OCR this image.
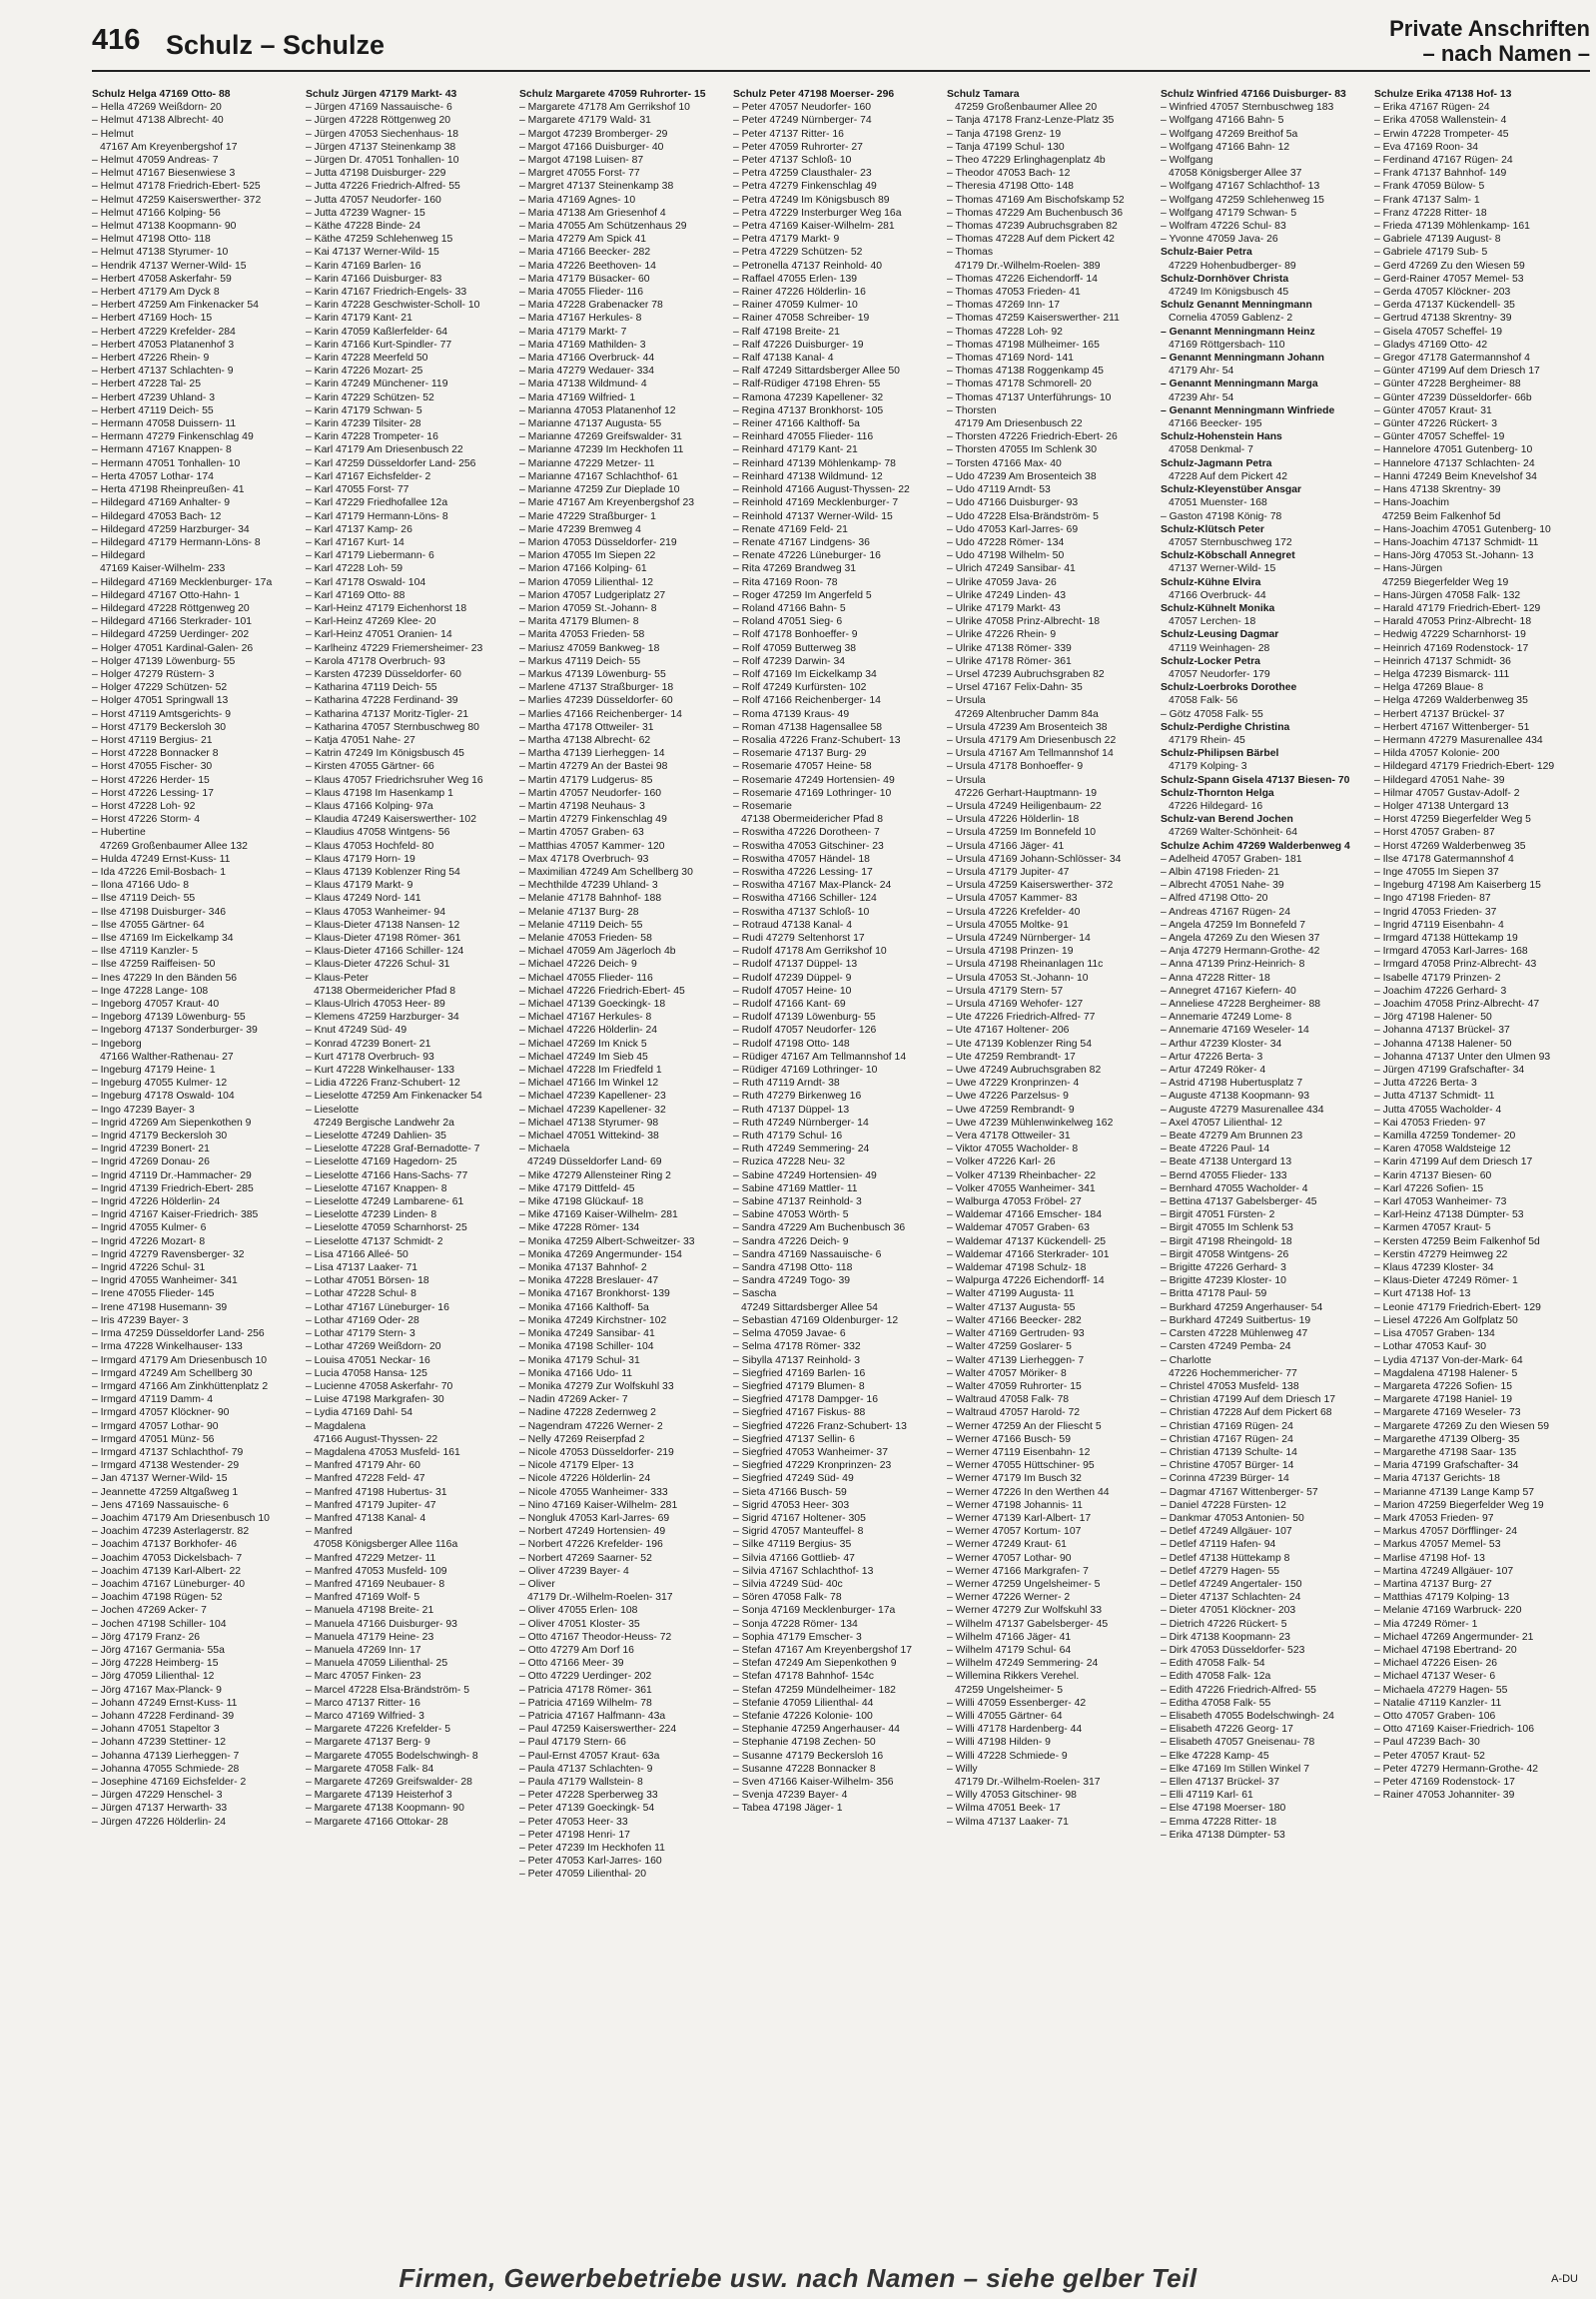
416 Schulz – Schulze
Private Anschriften
– nach Namen –
Schulz Helga 47169 Otto- 88
– Hella 47269 Weißdorn- 20
– Helmut 47138 Albrecht- 40
– Helmut
47167 Am Kreyenbergshof 17
– Helmut 47059 Andreas- 7
– Helmut 47167 Biesenwiese 3
– Helmut 47178 Friedrich-Ebert- 525
– Helmut 47259 Kaiserswerther- 372
– Helmut 47166 Kolping- 56
– Helmut 47138 Koopmann- 90
– Helmut 47198 Otto- 118
– Helmut 47138 Styrumer- 10
– Hendrik 47137 Werner-Wild- 15
– Herbert 47058 Askerfahr- 59
– Herbert 47179 Am Dyck 8
– Herbert 47259 Am Finkenacker 54
– Herbert 47169 Hoch- 15
– Herbert 47229 Krefelder- 284
– Herbert 47053 Platanenhof 3
– Herbert 47226 Rhein- 9
– Herbert 47137 Schlachten- 9
– Herbert 47228 Tal- 25
– Herbert 47239 Uhland- 3
– Herbert 47119 Deich- 55
– Hermann 47058 Duissern- 11
– Hermann 47279 Finkenschlag 49
– Hermann 47167 Knappen- 8
– Hermann 47051 Tonhallen- 10
– Herta 47057 Lothar- 174
– Herta 47198 Rheinpreußen- 41
– Hildegard 47169 Anhalter- 9
– Hildegard 47053 Bach- 12
– Hildegard 47259 Harzburger- 34
– Hildegard 47179 Hermann-Löns- 8
– Hildegard
47169 Kaiser-Wilhelm- 233
– Hildegard 47169 Mecklenburger- 17a
– Hildegard 47167 Otto-Hahn- 1
– Hildegard 47228 Röttgenweg 20
– Hildegard 47166 Sterkrader- 101
– Hildegard 47259 Uerdinger- 202
– Holger 47051 Kardinal-Galen- 26
– Holger 47139 Löwenburg- 55
– Holger 47279 Rüstern- 3
– Holger 47229 Schützen- 52
– Holger 47051 Springwall 13
– Horst 47119 Amtsgerichts- 9
– Horst 47179 Beckersloh 30
– Horst 47119 Bergius- 21
– Horst 47228 Bonnacker 8
– Horst 47055 Fischer- 30
– Horst 47226 Herder- 15
– Horst 47226 Lessing- 17
– Horst 47228 Loh- 92
– Horst 47226 Storm- 4
– Hubertine
47269 Großenbaumer Allee 132
– Hulda 47249 Ernst-Kuss- 11
– Ida 47226 Emil-Bosbach- 1
– Ilona 47166 Udo- 8
– Ilse 47119 Deich- 55
– Ilse 47198 Duisburger- 346
– Ilse 47055 Gärtner- 64
– Ilse 47169 Im Eickelkamp 34
– Ilse 47119 Kanzler- 5
– Ilse 47259 Raiffeisen- 50
– Ines 47229 In den Bänden 56
– Inge 47228 Lange- 108
– Ingeborg 47057 Kraut- 40
– Ingeborg 47139 Löwenburg- 55
– Ingeborg 47137 Sonderburger- 39
– Ingeborg
47166 Walther-Rathenau- 27
– Ingeburg 47179 Heine- 1
– Ingeburg 47055 Kulmer- 12
– Ingeburg 47178 Oswald- 104
– Ingo 47239 Bayer- 3
– Ingrid 47269 Am Siepenkothen 9
– Ingrid 47179 Beckersloh 30
– Ingrid 47239 Bonert- 21
– Ingrid 47269 Donau- 26
– Ingrid 47119 Dr.-Hammacher- 29
– Ingrid 47139 Friedrich-Ebert- 285
– Ingrid 47226 Hölderlin- 24
– Ingrid 47167 Kaiser-Friedrich- 385
– Ingrid 47055 Kulmer- 6
– Ingrid 47226 Mozart- 8
– Ingrid 47279 Ravensberger- 32
– Ingrid 47226 Schul- 31
– Ingrid 47055 Wanheimer- 341
– Irene 47055 Flieder- 145
– Irene 47198 Husemann- 39
– Iris 47239 Bayer- 3
– Irma 47259 Düsseldorfer Land- 256
– Irma 47228 Winkelhauser- 133
– Irmgard 47179 Am Driesenbusch 10
– Irmgard 47249 Am Schellberg 30
– Irmgard 47166 Am Zinkhüttenplatz 2
– Irmgard 47119 Damm- 4
– Irmgard 47057 Klöckner- 90
– Irmgard 47057 Lothar- 90
– Irmgard 47051 Münz- 56
– Irmgard 47137 Schlachthof- 79
– Irmgard 47138 Westender- 29
– Jan 47137 Werner-Wild- 15
– Jeannette 47259 Altgaßweg 1
– Jens 47169 Nassauische- 6
– Joachim 47179 Am Driesenbusch 10
– Joachim 47239 Asterlagerstr. 82
– Joachim 47137 Borkhofer- 46
– Joachim 47053 Dickelsbach- 7
– Joachim 47139 Karl-Albert- 22
– Joachim 47167 Lüneburger- 40
– Joachim 47198 Rügen- 52
– Jochen 47269 Acker- 7
– Jochen 47198 Schiller- 104
– Jörg 47179 Franz- 26
– Jörg 47167 Germania- 55a
– Jörg 47228 Heimberg- 15
– Jörg 47059 Lilienthal- 12
– Jörg 47167 Max-Planck- 9
– Johann 47249 Ernst-Kuss- 11
– Johann 47228 Ferdinand- 39
– Johann 47051 Stapeltor 3
– Johann 47239 Stettiner- 12
– Johanna 47139 Lierheggen- 7
– Johanna 47055 Schmiede- 28
– Josephine 47169 Eichsfelder- 2
– Jürgen 47229 Henschel- 3
– Jürgen 47137 Herwarth- 33
– Jürgen 47226 Hölderlin- 24
Schulz Jürgen 47179 Markt- 43
– Jürgen 47169 Nassauische- 6
– Jürgen 47228 Röttgenweg 20
– Jürgen 47053 Siechenhaus- 18
– Jürgen 47137 Steinenkamp 38
– Jürgen Dr. 47051 Tonhallen- 10
– Jutta 47198 Duisburger- 229
– Jutta 47226 Friedrich-Alfred- 55
– Jutta 47057 Neudorfer- 160
– Jutta 47239 Wagner- 15
– Käthe 47228 Binde- 24
– Käthe 47259 Schlehenweg 15
– Kai 47137 Werner-Wild- 15
– Karin 47169 Barlen- 16
– Karin 47166 Duisburger- 83
– Karin 47167 Friedrich-Engels- 33
– Karin 47228 Geschwister-Scholl- 10
– Karin 47179 Kant- 21
– Karin 47059 Kaßlerfelder- 64
– Karin 47166 Kurt-Spindler- 77
– Karin 47228 Meerfeld 50
– Karin 47226 Mozart- 25
– Karin 47249 Münchener- 119
– Karin 47229 Schützen- 52
– Karin 47179 Schwan- 5
– Karin 47239 Tilsiter- 28
– Karin 47228 Trompeter- 16
– Karl 47179 Am Driesenbusch 22
– Karl 47259 Düsseldorfer Land- 256
– Karl 47167 Eichsfelder- 2
– Karl 47055 Forst- 77
– Karl 47229 Friedhofallee 12a
– Karl 47179 Hermann-Löns- 8
– Karl 47137 Kamp- 26
– Karl 47167 Kurt- 14
– Karl 47179 Liebermann- 6
– Karl 47228 Loh- 59
– Karl 47178 Oswald- 104
– Karl 47169 Otto- 88
– Karl-Heinz 47179 Eichenhorst 18
– Karl-Heinz 47269 Klee- 20
– Karl-Heinz 47051 Oranien- 14
– Karlheinz 47229 Friemersheimer- 23
– Karola 47178 Overbruch- 93
– Karsten 47239 Düsseldorfer- 60
– Katharina 47119 Deich- 55
– Katharina 47228 Ferdinand- 39
– Katharina 47137 Moritz-Tigler- 21
– Katharina 47057 Sternbuschweg 80
– Katja 47051 Nahe- 27
– Katrin 47249 Im Königsbusch 45
– Kirsten 47055 Gärtner- 66
– Klaus 47057 Friedrichsruher Weg 16
– Klaus 47198 Im Hasenkamp 1
– Klaus 47166 Kolping- 97a
– Klaudia 47249 Kaiserswerther- 102
– Klaudius 47058 Wintgens- 56
– Klaus 47053 Hochfeld- 80
– Klaus 47179 Horn- 19
– Klaus 47139 Koblenzer Ring 54
– Klaus 47179 Markt- 9
– Klaus 47249 Nord- 141
– Klaus 47053 Wanheimer- 94
– Klaus-Dieter 47138 Nansen- 12
– Klaus-Dieter 47198 Römer- 361
– Klaus-Dieter 47166 Schiller- 124
– Klaus-Dieter 47226 Schul- 31
– Klaus-Peter
47138 Obermeidericher Pfad 8
– Klaus-Ulrich 47053 Heer- 89
– Klemens 47259 Harzburger- 34
– Knut 47249 Süd- 49
– Konrad 47239 Bonert- 21
– Kurt 47178 Overbruch- 93
– Kurt 47228 Winkelhauser- 133
– Lidia 47226 Franz-Schubert- 12
– Lieselotte 47259 Am Finkenacker 54
– Lieselotte
47249 Bergische Landwehr 2a
– Lieselotte 47249 Dahlien- 35
– Lieselotte 47228 Graf-Bernadotte- 7
– Lieselotte 47169 Hagedorn- 25
– Lieselotte 47166 Hans-Sachs- 77
– Lieselotte 47167 Knappen- 8
– Lieselotte 47249 Lambarene- 61
– Lieselotte 47239 Linden- 8
– Lieselotte 47059 Scharnhorst- 25
– Lieselotte 47137 Schmidt- 2
– Lisa 47166 Alleé- 50
– Lisa 47137 Laaker- 71
– Lothar 47051 Börsen- 18
– Lothar 47228 Schul- 8
– Lothar 47167 Lüneburger- 16
– Lothar 47169 Oder- 28
– Lothar 47179 Stern- 3
– Lothar 47269 Weißdorn- 20
– Louisa 47051 Neckar- 16
– Lucia 47058 Hansa- 125
– Lucienne 47058 Askerfahr- 70
– Luise 47198 Markgrafen- 30
– Lydia 47169 Dahl- 54
– Magdalena
47166 August-Thyssen- 22
– Magdalena 47053 Musfeld- 161
– Manfred 47179 Ahr- 60
– Manfred 47228 Feld- 47
– Manfred 47198 Hubertus- 31
– Manfred 47179 Jupiter- 47
– Manfred 47138 Kanal- 4
– Manfred
47058 Königsberger Allee 116a
– Manfred 47229 Metzer- 11
– Manfred 47053 Musfeld- 109
– Manfred 47169 Neubauer- 8
– Manfred 47169 Wolf- 5
– Manuela 47198 Breite- 21
– Manuela 47166 Duisburger- 93
– Manuela 47179 Heine- 23
– Manuela 47269 Inn- 17
– Manuela 47059 Lilienthal- 25
– Marc 47057 Finken- 23
– Marcel 47228 Elsa-Brändström- 5
– Marco 47137 Ritter- 16
– Marco 47169 Wilfried- 3
– Margarete 47226 Krefelder- 5
– Margarete 47137 Berg- 9
– Margarete 47055 Bodelschwingh- 8
– Margarete 47058 Falk- 84
– Margarete 47269 Greifswalder- 28
– Margarete 47139 Heisterhof 3
– Margarete 47138 Koopmann- 90
– Margarete 47166 Ottokar- 28
Schulz Margarete 47059 Ruhrorter- 15
– Margarete 47178 Am Gerrikshof 10
– Margarete 47179 Wald- 31
– Margot 47239 Bromberger- 29
– Margot 47166 Duisburger- 40
– Margot 47198 Luisen- 87
– Margret 47055 Forst- 77
– Margret 47137 Steinenkamp 38
– Maria 47169 Agnes- 10
– Maria 47138 Am Griesenhof 4
– Maria 47055 Am Schützenhaus 29
– Maria 47279 Am Spick 41
– Maria 47166 Beecker- 282
– Maria 47226 Beethoven- 14
– Maria 47179 Büsacker- 60
– Maria 47055 Flieder- 116
– Maria 47228 Grabenacker 78
– Maria 47167 Herkules- 8
– Maria 47179 Markt- 7
– Maria 47169 Mathilden- 3
– Maria 47166 Overbruck- 44
– Maria 47279 Wedauer- 334
– Maria 47138 Wildmund- 4
– Maria 47169 Wilfried- 1
– Marianna 47053 Platanenhof 12
– Marianne 47137 Augusta- 55
– Marianne 47269 Greifswalder- 31
– Marianne 47239 Im Heckhofen 11
– Marianne 47229 Metzer- 11
– Marianne 47167 Schlachthof- 61
– Marianne 47259 Zur Dieplade 10
– Marie 47167 Am Kreyenbergshof 23
– Marie 47229 Straßburger- 1
– Marie 47239 Bremweg 4
– Marion 47053 Düsseldorfer- 219
– Marion 47055 Im Siepen 22
– Marion 47166 Kolping- 61
– Marion 47059 Lilienthal- 12
– Marion 47057 Ludgeriplatz 27
– Marion 47059 St.-Johann- 8
– Marita 47179 Blumen- 8
– Marita 47053 Frieden- 58
– Mariusz 47059 Bankweg- 18
– Markus 47119 Deich- 55
– Markus 47139 Löwenburg- 55
– Marlene 47137 Straßburger- 18
– Marlies 47239 Düsseldorfer- 60
– Marlies 47166 Reichenberger- 14
– Martha 47178 Ottweiler- 31
– Martha 47138 Albrecht- 62
– Martha 47139 Lierheggen- 14
– Martin 47279 An der Bastei 98
– Martin 47179 Ludgerus- 85
– Martin 47057 Neudorfer- 160
– Martin 47198 Neuhaus- 3
– Martin 47279 Finkenschlag 49
– Martin 47057 Graben- 63
– Matthias 47057 Kammer- 120
– Max 47178 Overbruch- 93
– Maximilian 47249 Am Schellberg 30
– Mechthilde 47239 Uhland- 3
– Melanie 47178 Bahnhof- 188
– Melanie 47137 Burg- 28
– Melanie 47119 Deich- 55
– Melanie 47053 Frieden- 58
– Michael 47059 Am Jägerloch 4b
– Michael 47226 Deich- 9
– Michael 47055 Flieder- 116
– Michael 47226 Friedrich-Ebert- 45
– Michael 47139 Goeckingk- 18
– Michael 47167 Herkules- 8
– Michael 47226 Hölderlin- 24
– Michael 47269 Im Knick 5
– Michael 47249 Im Sieb 45
– Michael 47228 Im Friedfeld 1
– Michael 47166 Im Winkel 12
– Michael 47239 Kapellener- 23
– Michael 47239 Kapellener- 32
– Michael 47138 Styrumer- 98
– Michael 47051 Wittekind- 38
– Michaela
47249 Düsseldorfer Land- 69
– Mike 47279 Allensteiner Ring 2
– Mike 47179 Dittfeld- 45
– Mike 47198 Glückauf- 18
– Mike 47169 Kaiser-Wilhelm- 281
– Mike 47228 Römer- 134
– Monika 47259 Albert-Schweitzer- 33
– Monika 47269 Angermunder- 154
– Monika 47137 Bahnhof- 2
– Monika 47228 Breslauer- 47
– Monika 47167 Bronkhorst- 139
– Monika 47166 Kalthoff- 5a
– Monika 47249 Kirchstner- 102
– Monika 47249 Sansibar- 41
– Monika 47198 Schiller- 104
– Monika 47179 Schul- 31
– Monika 47166 Udo- 11
– Monika 47279 Zur Wolfskuhl 33
– Nadin 47269 Acker- 7
– Nadine 47228 Zedernweg 2
– Nagendram 47226 Werner- 2
– Nelly 47269 Reiserpfad 2
– Nicole 47053 Düsseldorfer- 219
– Nicole 47179 Elper- 13
– Nicole 47226 Hölderlin- 24
– Nicole 47055 Wanheimer- 333
– Nino 47169 Kaiser-Wilhelm- 281
– Nongluk 47053 Karl-Jarres- 69
– Norbert 47249 Hortensien- 49
– Norbert 47226 Krefelder- 196
– Norbert 47269 Saarner- 52
– Oliver 47239 Bayer- 4
– Oliver
47179 Dr.-Wilhelm-Roelen- 317
– Oliver 47055 Erlen- 108
– Oliver 47051 Kloster- 35
– Otto 47167 Theodor-Heuss- 72
– Otto 47279 Am Dorf 16
– Otto 47166 Meer- 39
– Otto 47229 Uerdinger- 202
– Patricia 47178 Römer- 361
– Patricia 47169 Wilhelm- 78
– Patricia 47167 Halfmann- 43a
– Paul 47259 Kaiserswerther- 224
– Paul 47179 Stern- 66
– Paul-Ernst 47057 Kraut- 63a
– Paula 47137 Schlachten- 9
– Paula 47179 Wallstein- 8
– Peter 47228 Sperberweg 33
– Peter 47139 Goeckingk- 54
– Peter 47053 Heer- 33
– Peter 47198 Henri- 17
– Peter 47239 Im Heckhofen 11
– Peter 47053 Karl-Jarres- 160
– Peter 47059 Lilienthal- 20
Schulz Peter 47198 Moerser- 296
– Peter 47057 Neudorfer- 160
– Peter 47249 Nürnberger- 74
– Peter 47137 Ritter- 16
– Peter 47059 Ruhrorter- 27
– Peter 47137 Schloß- 10
– Petra 47259 Clausthaler- 23
– Petra 47279 Finkenschlag 49
– Petra 47249 Im Königsbusch 89
– Petra 47229 Insterburger Weg 16a
– Petra 47169 Kaiser-Wilhelm- 281
– Petra 47179 Markt- 9
– Petra 47229 Schützen- 52
– Petronella 47137 Reinhold- 40
– Raffael 47055 Erlen- 139
– Rainer 47226 Hölderlin- 16
– Rainer 47059 Kulmer- 10
– Rainer 47058 Schreiber- 19
– Ralf 47198 Breite- 21
– Ralf 47226 Duisburger- 19
– Ralf 47138 Kanal- 4
– Ralf 47249 Sittardsberger Allee 50
– Ralf-Rüdiger 47198 Ehren- 55
– Ramona 47239 Kapellener- 32
– Regina 47137 Bronkhorst- 105
– Reiner 47166 Kalthoff- 5a
– Reinhard 47055 Flieder- 116
– Reinhard 47179 Kant- 21
– Reinhard 47139 Möhlenkamp- 78
– Reinhard 47138 Wildmund- 12
– Reinhold 47166 August-Thyssen- 22
– Reinhold 47169 Mecklenburger- 7
– Reinhold 47137 Werner-Wild- 15
– Renate 47169 Feld- 21
– Renate 47167 Lindgens- 36
– Renate 47226 Lüneburger- 16
– Rita 47269 Brandweg 31
– Rita 47169 Roon- 78
– Roger 47259 Im Angerfeld 5
– Roland 47166 Bahn- 5
– Roland 47051 Sieg- 6
– Rolf 47178 Bonhoeffer- 9
– Rolf 47059 Butterweg 38
– Rolf 47239 Darwin- 34
– Rolf 47169 Im Eickelkamp 34
– Rolf 47249 Kurfürsten- 102
– Rolf 47166 Reichenberger- 14
– Roma 47139 Kraus- 49
– Roman 47138 Hagensallee 58
– Rosalia 47226 Franz-Schubert- 13
– Rosemarie 47137 Burg- 29
– Rosemarie 47057 Heine- 58
– Rosemarie 47249 Hortensien- 49
– Rosemarie 47169 Lothringer- 10
– Rosemarie
47138 Obermeidericher Pfad 8
– Roswitha 47226 Dorotheen- 7
– Roswitha 47053 Gitschiner- 23
– Roswitha 47057 Händel- 18
– Roswitha 47226 Lessing- 17
– Roswitha 47167 Max-Planck- 24
– Roswitha 47166 Schiller- 124
– Roswitha 47137 Schloß- 10
– Rotraud 47138 Kanal- 4
– Rudi 47279 Seltenhorst 17
– Rudolf 47178 Am Gerrikshof 10
– Rudolf 47137 Düppel- 13
– Rudolf 47239 Düppel- 9
– Rudolf 47057 Heine- 10
– Rudolf 47166 Kant- 69
– Rudolf 47139 Löwenburg- 55
– Rudolf 47057 Neudorfer- 126
– Rudolf 47198 Otto- 148
– Rüdiger 47167 Am Tellmannshof 14
– Rüdiger 47169 Lothringer- 10
– Ruth 47119 Arndt- 38
– Ruth 47279 Birkenweg 16
– Ruth 47137 Düppel- 13
– Ruth 47249 Nürnberger- 14
– Ruth 47179 Schul- 16
– Ruth 47249 Semmering- 24
– Ruzica 47228 Neu- 32
– Sabine 47249 Hortensien- 49
– Sabine 47169 Mattler- 11
– Sabine 47137 Reinhold- 3
– Sabine 47053 Wörth- 5
– Sandra 47229 Am Buchenbusch 36
– Sandra 47226 Deich- 9
– Sandra 47169 Nassauische- 6
– Sandra 47198 Otto- 118
– Sandra 47249 Togo- 39
– Sascha
47249 Sittardsberger Allee 54
– Sebastian 47169 Oldenburger- 12
– Selma 47059 Javae- 6
– Selma 47178 Römer- 332
– Sibylla 47137 Reinhold- 3
– Siegfried 47169 Barlen- 16
– Siegfried 47179 Blumen- 8
– Siegfried 47178 Dampger- 16
– Siegfried 47167 Fiskus- 88
– Siegfried 47226 Franz-Schubert- 13
– Siegfried 47137 Sellin- 6
– Siegfried 47053 Wanheimer- 37
– Siegfried 47229 Kronprinzen- 23
– Siegfried 47249 Süd- 49
– Sieta 47166 Busch- 59
– Sigrid 47053 Heer- 303
– Sigrid 47167 Holtener- 305
– Sigrid 47057 Manteuffel- 8
– Silke 47119 Bergius- 35
– Silvia 47166 Gottlieb- 47
– Silvia 47167 Schlachthof- 13
– Silvia 47249 Süd- 40c
– Sören 47058 Falk- 78
– Sonja 47169 Mecklenburger- 17a
– Sonja 47228 Römer- 134
– Sophia 47179 Emscher- 3
– Stefan 47167 Am Kreyenbergshof 17
– Stefan 47249 Am Siepenkothen 9
– Stefan 47178 Bahnhof- 154c
– Stefan 47259 Mündelheimer- 182
– Stefanie 47059 Lilienthal- 44
– Stefanie 47226 Kolonie- 100
– Stephanie 47259 Angerhauser- 44
– Stephanie 47198 Zechen- 50
– Susanne 47179 Beckersloh 16
– Susanne 47228 Bonnacker 8
– Sven 47166 Kaiser-Wilhelm- 356
– Svenja 47239 Bayer- 4
– Tabea 47198 Jäger- 1
Schulz Tamara
47259 Großenbaumer Allee 20
– Tanja 47178 Franz-Lenze-Platz 35
– Tanja 47198 Grenz- 19
– Tanja 47199 Schul- 130
– Theo 47229 Erlinghagenplatz 4b
– Theodor 47053 Bach- 12
– Theresia 47198 Otto- 148
– Thomas 47169 Am Bischofskamp 52
– Thomas 47229 Am Buchenbusch 36
– Thomas 47239 Aubruchsgraben 82
– Thomas 47228 Auf dem Pickert 42
– Thomas
47179 Dr.-Wilhelm-Roelen- 389
– Thomas 47226 Eichendorff- 14
– Thomas 47053 Frieden- 41
– Thomas 47269 Inn- 17
– Thomas 47259 Kaiserswerther- 211
– Thomas 47228 Loh- 92
– Thomas 47198 Mülheimer- 165
– Thomas 47169 Nord- 141
– Thomas 47138 Roggenkamp 45
– Thomas 47178 Schmorell- 20
– Thomas 47137 Unterführungs- 10
– Thorsten
47179 Am Driesenbusch 22
– Thorsten 47226 Friedrich-Ebert- 26
– Thorsten 47055 Im Schlenk 30
– Torsten 47166 Max- 40
– Udo 47239 Am Brosenteich 38
– Udo 47119 Arndt- 53
– Udo 47166 Duisburger- 93
– Udo 47228 Elsa-Brändström- 5
– Udo 47053 Karl-Jarres- 69
– Udo 47228 Römer- 134
– Udo 47198 Wilhelm- 50
– Ulrich 47249 Sansibar- 41
– Ulrike 47059 Java- 26
– Ulrike 47249 Linden- 43
– Ulrike 47179 Markt- 43
– Ulrike 47058 Prinz-Albrecht- 18
– Ulrike 47226 Rhein- 9
– Ulrike 47138 Römer- 339
– Ulrike 47178 Römer- 361
– Ursel 47239 Aubruchsgraben 82
– Ursel 47167 Felix-Dahn- 35
– Ursula
47269 Altenbrucher Damm 84a
– Ursula 47239 Am Brosenteich 38
– Ursula 47179 Am Driesenbusch 22
– Ursula 47167 Am Tellmannshof 14
– Ursula 47178 Bonhoeffer- 9
– Ursula
47226 Gerhart-Hauptmann- 19
– Ursula 47249 Heiligenbaum- 22
– Ursula 47226 Hölderlin- 18
– Ursula 47259 Im Bonnefeld 10
– Ursula 47166 Jäger- 41
– Ursula 47169 Johann-Schlösser- 34
– Ursula 47179 Jupiter- 47
– Ursula 47259 Kaiserswerther- 372
– Ursula 47057 Kammer- 83
– Ursula 47226 Krefelder- 40
– Ursula 47055 Moltke- 91
– Ursula 47249 Nürnberger- 14
– Ursula 47198 Prinzen- 19
– Ursula 47198 Rheinanlagen 11c
– Ursula 47053 St.-Johann- 10
– Ursula 47179 Stern- 57
– Ursula 47169 Wehofer- 127
– Ute 47226 Friedrich-Alfred- 77
– Ute 47167 Holtener- 206
– Ute 47139 Koblenzer Ring 54
– Ute 47259 Rembrandt- 17
– Uwe 47249 Aubruchsgraben 82
– Uwe 47229 Kronprinzen- 4
– Uwe 47226 Parzelsus- 9
– Uwe 47259 Rembrandt- 9
– Uwe 47239 Mühlenwinkelweg 162
– Vera 47178 Ottweiler- 31
– Viktor 47055 Wacholder- 8
– Volker 47226 Karl- 26
– Volker 47139 Rheinbacher- 22
– Volker 47055 Wanheimer- 341
– Walburga 47053 Fröbel- 27
– Waldemar 47166 Emscher- 184
– Waldemar 47057 Graben- 63
– Waldemar 47137 Kückendell- 25
– Waldemar 47166 Sterkrader- 101
– Waldemar 47198 Schulz- 18
– Walpurga 47226 Eichendorff- 14
– Walter 47199 Augusta- 11
– Walter 47137 Augusta- 55
– Walter 47166 Beecker- 282
– Walter 47169 Gertruden- 93
– Walter 47259 Goslarer- 5
– Walter 47139 Lierheggen- 7
– Walter 47057 Möriker- 8
– Walter 47059 Ruhrorter- 15
– Waltraud 47058 Falk- 78
– Waltraud 47057 Harold- 72
– Werner 47259 An der Fliescht 5
– Werner 47166 Busch- 59
– Werner 47119 Eisenbahn- 12
– Werner 47055 Hüttschiner- 95
– Werner 47179 Im Busch 32
– Werner 47226 In den Werthen 44
– Werner 47198 Johannis- 11
– Werner 47139 Karl-Albert- 17
– Werner 47057 Kortum- 107
– Werner 47249 Kraut- 61
– Werner 47057 Lothar- 90
– Werner 47166 Markgrafen- 7
– Werner 47259 Ungelsheimer- 5
– Werner 47226 Werner- 2
– Werner 47279 Zur Wolfskuhl 33
– Wilhelm 47137 Gabelsberger- 45
– Wilhelm 47166 Jäger- 41
– Wilhelm 47179 Schul- 64
– Wilhelm 47249 Semmering- 24
– Willemina Rikkers Verehel.
47259 Ungelsheimer- 5
– Willi 47059 Essenberger- 42
– Willi 47055 Gärtner- 64
– Willi 47178 Hardenberg- 44
– Willi 47198 Hilden- 9
– Willi 47228 Schmiede- 9
– Willy
47179 Dr.-Wilhelm-Roelen- 317
– Willy 47053 Gitschiner- 98
– Wilma 47051 Beek- 17
– Wilma 47137 Laaker- 71
Schulz Winfried 47166 Duisburger- 83
– Winfried 47057 Sternbuschweg 183
– Wolfgang 47166 Bahn- 5
– Wolfgang 47269 Breithof 5a
– Wolfgang 47166 Bahn- 12
– Wolfgang
47058 Königsberger Allee 37
– Wolfgang 47167 Schlachthof- 13
– Wolfgang 47259 Schlehenweg 15
– Wolfgang 47179 Schwan- 5
– Wolfram 47226 Schul- 83
– Yvonne 47059 Java- 26
Schulz-Baier Petra
47229 Hohenbudberger- 89
Schulz-Dornhöver Christa
47249 Im Königsbusch 45
Schulz Genannt Menningmann
Cornelia 47059 Gablenz- 2
– Genannt Menningmann Heinz
47169 Röttgersbach- 110
– Genannt Menningmann Johann
47179 Ahr- 54
– Genannt Menningmann Marga
47239 Ahr- 54
– Genannt Menningmann Winfriede
47166 Beecker- 195
Schulz-Hohenstein Hans
47058 Denkmal- 7
Schulz-Jagmann Petra
47228 Auf dem Pickert 42
Schulz-Kleyenstüber Ansgar
47051 Muenster- 168
– Gaston 47198 König- 78
Schulz-Klütsch Peter
47057 Sternbuschweg 172
Schulz-Köbschall Annegret
47137 Werner-Wild- 15
Schulz-Kühne Elvira
47166 Overbruck- 44
Schulz-Kühnelt Monika
47057 Lerchen- 18
Schulz-Leusing Dagmar
47119 Weinhagen- 28
Schulz-Locker Petra
47057 Neudorfer- 179
Schulz-Loerbroks Dorothee
47058 Falk- 56
– Götz 47058 Falk- 55
Schulz-Perdighe Christina
47179 Rhein- 45
Schulz-Philipsen Bärbel
47179 Kolping- 3
Schulz-Spann Gisela 47137 Biesen- 70
Schulz-Thornton Helga
47226 Hildegard- 16
Schulz-van Berend Jochen
47269 Walter-Schönheit- 64
Schulze Achim 47269 Walderbenweg 4
– Adelheid 47057 Graben- 181
– Albin 47198 Frieden- 21
– Albrecht 47051 Nahe- 39
– Alfred 47198 Otto- 20
– Andreas 47167 Rügen- 24
– Angela 47259 Im Bonnefeld 7
– Angela 47269 Zu den Wiesen 37
– Anja 47279 Hermann-Grothe- 42
– Anna 47139 Prinz-Heinrich- 8
– Anna 47228 Ritter- 18
– Annegret 47167 Kiefern- 40
– Anneliese 47228 Bergheimer- 88
– Annemarie 47249 Lome- 8
– Annemarie 47169 Weseler- 14
– Arthur 47239 Kloster- 34
– Artur 47226 Berta- 3
– Artur 47249 Röker- 4
– Astrid 47198 Hubertusplatz 7
– Auguste 47138 Koopmann- 93
– Auguste 47279 Masurenallee 434
– Axel 47057 Lilienthal- 12
– Beate 47279 Am Brunnen 23
– Beate 47226 Paul- 14
– Beate 47138 Untergard 13
– Bernd 47055 Flieder- 133
– Bernhard 47055 Wacholder- 4
– Bettina 47137 Gabelsberger- 45
– Birgit 47051 Fürsten- 2
– Birgit 47055 Im Schlenk 53
– Birgit 47198 Rheingold- 18
– Birgit 47058 Wintgens- 26
– Brigitte 47226 Gerhard- 3
– Brigitte 47239 Kloster- 10
– Britta 47178 Paul- 59
– Burkhard 47259 Angerhauser- 54
– Burkhard 47249 Suitbertus- 19
– Carsten 47228 Mühlenweg 47
– Carsten 47249 Pemba- 24
– Charlotte
47226 Hochemmericher- 77
– Christel 47053 Musfeld- 138
– Christian 47199 Auf dem Driesch 17
– Christian 47228 Auf dem Pickert 68
– Christian 47169 Rügen- 24
– Christian 47167 Rügen- 24
– Christian 47139 Schulte- 14
– Christine 47057 Bürger- 14
– Corinna 47239 Bürger- 14
– Dagmar 47167 Wittenberger- 57
– Daniel 47228 Fürsten- 12
– Dankmar 47053 Antonien- 50
– Detlef 47249 Allgäuer- 107
– Detlef 47119 Hafen- 94
– Detlef 47138 Hüttekamp 8
– Detlef 47279 Hagen- 55
– Detlef 47249 Angertaler- 150
– Dieter 47137 Schlachten- 24
– Dieter 47051 Klöckner- 203
– Dietrich 47226 Rückert- 5
– Dirk 47138 Koopmann- 23
– Dirk 47053 Düsseldorfer- 523
– Edith 47058 Falk- 54
– Edith 47058 Falk- 12a
– Edith 47226 Friedrich-Alfred- 55
– Editha 47058 Falk- 55
– Elisabeth 47055 Bodelschwingh- 24
– Elisabeth 47226 Georg- 17
– Elisabeth 47057 Gneisenau- 78
– Elke 47228 Kamp- 45
– Elke 47169 Im Stillen Winkel 7
– Ellen 47137 Brückel- 37
– Elli 47119 Karl- 61
– Else 47198 Moerser- 180
– Emma 47228 Ritter- 18
– Erika 47138 Dümpter- 53
Schulze Erika 47138 Hof- 13
– Erika 47167 Rügen- 24
– Erika 47058 Wallenstein- 4
– Erwin 47228 Trompeter- 45
– Eva 47169 Roon- 34
– Ferdinand 47167 Rügen- 24
– Frank 47137 Bahnhof- 149
– Frank 47059 Bülow- 5
– Frank 47137 Salm- 1
– Franz 47228 Ritter- 18
– Frieda 47139 Möhlenkamp- 161
– Gabriele 47139 August- 8
– Gabriele 47179 Sub- 5
– Gerd 47269 Zu den Wiesen 59
– Gerd-Rainer 47057 Memel- 53
– Gerda 47057 Klöckner- 203
– Gerda 47137 Kückendell- 35
– Gertrud 47138 Skrentny- 39
– Gisela 47057 Scheffel- 19
– Gladys 47169 Otto- 42
– Gregor 47178 Gatermannshof 4
– Günter 47199 Auf dem Driesch 17
– Günter 47228 Bergheimer- 88
– Günter 47239 Düsseldorfer- 66b
– Günter 47057 Kraut- 31
– Günter 47226 Rückert- 3
– Günter 47057 Scheffel- 19
– Hannelore 47051 Gutenberg- 10
– Hannelore 47137 Schlachten- 24
– Hanni 47249 Beim Knevelshof 34
– Hans 47138 Skrentny- 39
– Hans-Joachim
47259 Beim Falkenhof 5d
– Hans-Joachim 47051 Gutenberg- 10
– Hans-Joachim 47137 Schmidt- 11
– Hans-Jörg 47053 St.-Johann- 13
– Hans-Jürgen
47259 Biegerfelder Weg 19
– Hans-Jürgen 47058 Falk- 132
– Harald 47179 Friedrich-Ebert- 129
– Harald 47053 Prinz-Albrecht- 18
– Hedwig 47229 Scharnhorst- 19
– Heinrich 47169 Rodenstock- 17
– Heinrich 47137 Schmidt- 36
– Helga 47239 Bismarck- 111
– Helga 47269 Blaue- 8
– Helga 47269 Walderbenweg 35
– Herbert 47137 Brückel- 37
– Herbert 47167 Wittenberger- 51
– Hermann 47279 Masurenallee 434
– Hilda 47057 Kolonie- 200
– Hildegard 47179 Friedrich-Ebert- 129
– Hildegard 47051 Nahe- 39
– Hilmar 47057 Gustav-Adolf- 2
– Holger 47138 Untergard 13
– Horst 47259 Biegerfelder Weg 5
– Horst 47057 Graben- 87
– Horst 47269 Walderbenweg 35
– Ilse 47178 Gatermannshof 4
– Inge 47055 Im Siepen 37
– Ingeburg 47198 Am Kaiserberg 15
– Ingo 47198 Frieden- 87
– Ingrid 47053 Frieden- 37
– Ingrid 47119 Eisenbahn- 4
– Irmgard 47138 Hüttekamp 19
– Irmgard 47053 Karl-Jarres- 168
– Irmgard 47058 Prinz-Albrecht- 43
– Isabelle 47179 Prinzen- 2
– Joachim 47226 Gerhard- 3
– Joachim 47058 Prinz-Albrecht- 47
– Jörg 47198 Halener- 50
– Johanna 47137 Brückel- 37
– Johanna 47138 Halener- 50
– Johanna 47137 Unter den Ulmen 93
– Jürgen 47199 Grafschafter- 34
– Jutta 47226 Berta- 3
– Jutta 47137 Schmidt- 11
– Jutta 47055 Wacholder- 4
– Kai 47053 Frieden- 97
– Kamilla 47259 Tondemer- 20
– Karen 47058 Waldsteige 12
– Karin 47199 Auf dem Driesch 17
– Karin 47137 Biesen- 60
– Karl 47226 Sofien- 15
– Karl 47053 Wanheimer- 73
– Karl-Heinz 47138 Dümpter- 53
– Karmen 47057 Kraut- 5
– Kersten 47259 Beim Falkenhof 5d
– Kerstin 47279 Heimweg 22
– Klaus 47239 Kloster- 34
– Klaus-Dieter 47249 Römer- 1
– Kurt 47138 Hof- 13
– Leonie 47179 Friedrich-Ebert- 129
– Liesel 47226 Am Golfplatz 50
– Lisa 47057 Graben- 134
– Lothar 47053 Kauf- 30
– Lydia 47137 Von-der-Mark- 64
– Magdalena 47198 Halener- 5
– Margareta 47226 Sofien- 15
– Margarete 47198 Haniel- 19
– Margarete 47169 Weseler- 73
– Margarete 47269 Zu den Wiesen 59
– Margarethe 47139 Olberg- 35
– Margarethe 47198 Saar- 135
– Maria 47199 Grafschafter- 34
– Maria 47137 Gerichts- 18
– Marianne 47139 Lange Kamp 57
– Marion 47259 Biegerfelder Weg 19
– Mark 47053 Frieden- 97
– Markus 47057 Dörfflinger- 24
– Markus 47057 Memel- 53
– Marlise 47198 Hof- 13
– Martina 47249 Allgäuer- 107
– Martina 47137 Burg- 27
– Matthias 47179 Kolping- 13
– Melanie 47169 Warbruck- 220
– Mia 47249 Römer- 1
– Michael 47269 Angermunder- 21
– Michael 47198 Ebertrand- 20
– Michael 47226 Eisen- 26
– Michael 47137 Weser- 6
– Michaela 47279 Hagen- 55
– Natalie 47119 Kanzler- 11
– Otto 47057 Graben- 106
– Otto 47169 Kaiser-Friedrich- 106
– Paul 47239 Bach- 30
– Peter 47057 Kraut- 52
– Peter 47279 Hermann-Grothe- 42
– Peter 47169 Rodenstock- 17
– Rainer 47053 Johanniter- 39
Firmen, Gewerbebetriebe usw. nach Namen – siehe gelber Teil	A-DU
